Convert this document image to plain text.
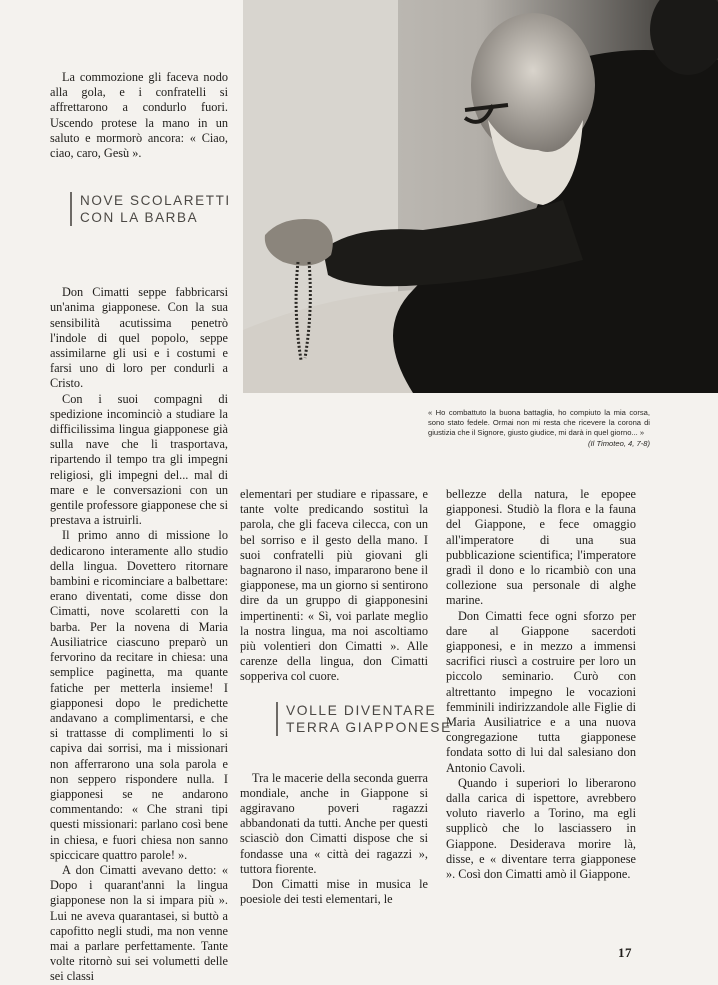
La commozione gli faceva nodo alla gola, e i confratelli si affrettarono a condurlo fuori. Uscendo protese la mano in un saluto e mormorò ancora: « Ciao, ciao, caro, Gesù ».

Don Cimatti seppe fabbricarsi un'anima giapponese. Con la sua sensibilità acutissima penetrò l'indole di quel popolo, seppe assimilarne gli usi e i costumi e farsi uno di loro per condurli a Cristo.

Con i suoi compagni di spedizione incominciò a studiare la difficilissima lingua giapponese già sulla nave che li trasportava, ripartendo il tempo tra gli impegni religiosi, gli impegni del... mal di mare e le conversazioni con un gentile professore giapponese che si prestava a istruirli.

Il primo anno di missione lo dedicarono interamente allo studio della lingua. Dovettero ritornare bambini e ricominciare a balbettare: erano diventati, come disse don Cimatti, nove scolaretti con la barba. Per la novena di Maria Ausiliatrice ciascuno preparò un fervorino da recitare in chiesa: una semplice paginetta, ma quante fatiche per metterla insieme! I giapponesi dopo le predichette andavano a complimentarsi, e che si trattasse di complimenti lo si capiva dai sorrisi, ma i missionari non afferrarono una sola parola e non seppero rispondere nulla. I giapponesi se ne andarono commentando: « Che strani tipi questi missionari: parlano così bene in chiesa, e fuori chiesa non sanno spiccicare quattro parole! ».

A don Cimatti avevano detto: « Dopo i quarant'anni la lingua giapponese non la si impara più ». Lui ne aveva quarantasei, si buttò a capofitto negli studi, ma non venne mai a parlare perfettamente. Tante volte ritornò sui sei volumetti delle sei classi

NOVE SCOLARETTI CON LA BARBA
« Ho combattuto la buona battaglia, ho compiuto la mia corsa, sono stato fedele. Ormai non mi resta che ricevere la corona di giustizia che il Signore, giusto giudice, mi darà in quel giorno... »
(Il Timoteo, 4, 7-8)

elementari per studiare e ripassare, e tante volte predicando sostituì la parola, che gli faceva cilecca, con un bel sorriso e il gesto della mano. I suoi confratelli più giovani gli bagnarono il naso, impararono bene il giapponese, ma un giorno si sentirono dire da un gruppo di giapponesini impertinenti: « Sì, voi parlate meglio la nostra lingua, ma noi ascoltiamo più volentieri don Cimatti ». Alle carenze della lingua, don Cimatti sopperiva col cuore.

Tra le macerie della seconda guerra mondiale, anche in Giappone si aggiravano poveri ragazzi abbandonati da tutti. Anche per questi sciasciò don Cimatti dispose che si fondasse una « città dei ragazzi », tuttora fiorente.

Don Cimatti mise in musica le poesiole dei testi elementari, le

VOLLE DIVENTARE TERRA GIAPPONESE

bellezze della natura, le epopee giapponesi. Studiò la flora e la fauna del Giappone, e fece omaggio all'imperatore di una sua pubblicazione scientifica; l'imperatore gradì il dono e lo ricambiò con una collezione sua personale di alghe marine.

Don Cimatti fece ogni sforzo per dare al Giappone sacerdoti giapponesi, e in mezzo a immensi sacrifici riuscì a costruire per loro un piccolo seminario. Curò con altrettanto impegno le vocazioni femminili indirizzandole alle Figlie di Maria Ausiliatrice e a una nuova congregazione tutta giapponese fondata sotto di lui dal salesiano don Antonio Cavoli.

Quando i superiori lo liberarono dalla carica di ispettore, avrebbero voluto riaverlo a Torino, ma egli supplicò che lo lasciassero in Giappone. Desiderava morire là, disse, e « diventare terra giapponese ». Così don Cimatti amò il Giappone.

17
